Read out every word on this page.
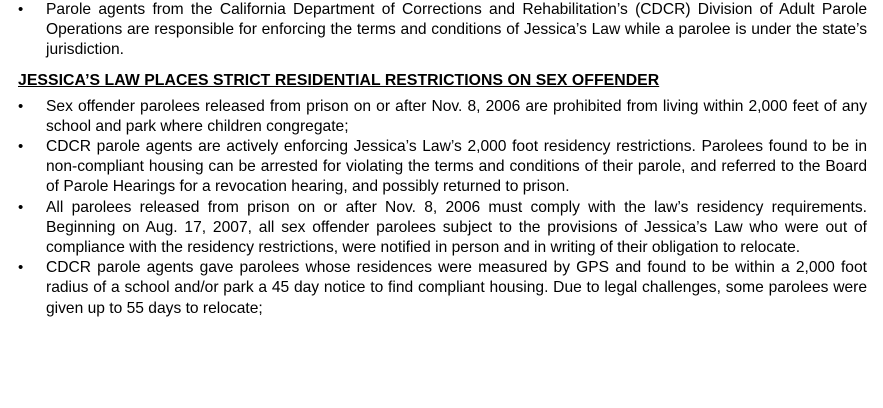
•	Parole agents from the California Department of Corrections and Rehabilitation’s (CDCR) Division of Adult Parole Operations are responsible for enforcing the terms and conditions of Jessica’s Law while a parolee is under the state’s jurisdiction.
JESSICA’S LAW PLACES STRICT RESIDENTIAL RESTRICTIONS ON SEX OFFENDER
•	Sex offender parolees released from prison on or after Nov. 8, 2006 are prohibited from living within 2,000 feet of any school and park where children congregate;
•	CDCR parole agents are actively enforcing Jessica’s Law’s 2,000 foot residency restrictions. Parolees found to be in non-compliant housing can be arrested for violating the terms and conditions of their parole, and referred to the Board of Parole Hearings for a revocation hearing, and possibly returned to prison.
•	All parolees released from prison on or after Nov. 8, 2006 must comply with the law’s residency requirements. Beginning on Aug. 17, 2007, all sex offender parolees subject to the provisions of Jessica’s Law who were out of compliance with the residency restrictions, were notified in person and in writing of their obligation to relocate.
•	CDCR parole agents gave parolees whose residences were measured by GPS and found to be within a 2,000 foot radius of a school and/or park a 45 day notice to find compliant housing. Due to legal challenges, some parolees were given up to 55 days to relocate;
